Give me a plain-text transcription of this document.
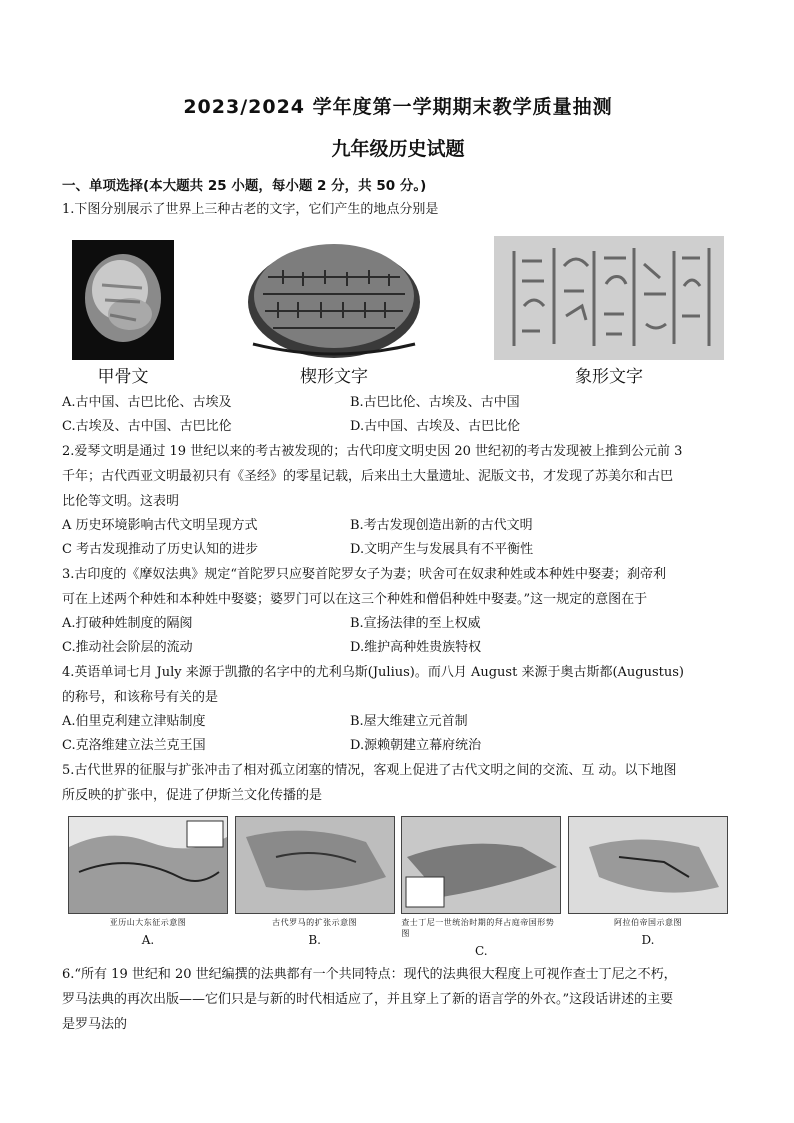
2023/2024 学年度第一学期期末教学质量抽测
九年级历史试题
一、单项选择(本大题共 25 小题，每小题 2 分，共 50 分。)

1.下图分别展示了世界上三种古老的文字，它们产生的地点分别是

甲骨文	楔形文字	象形文字
A.古中国、古巴比伦、古埃及	B.古巴比伦、古埃及、古中国
C.古埃及、古中国、古巴比伦	D.古中国、古埃及、古巴比伦

2.爱琴文明是通过 19 世纪以来的考古被发现的；古代印度文明史因 20 世纪初的考古发现被上推到公元前 3

千年；古代西亚文明最初只有《圣经》的零星记载，后来出土大量遗址、泥版文书，才发现了苏美尔和古巴

比伦等文明。这表明

A 历史环境影响古代文明呈现方式	B.考古发现创造出新的古代文明
C 考古发现推动了历史认知的进步	D.文明产生与发展具有不平衡性

3.古印度的《摩奴法典》规定“首陀罗只应娶首陀罗女子为妻；吠舍可在奴隶种姓或本种姓中娶妻；刹帝利

可在上述两个种姓和本种姓中娶婆；婆罗门可以在这三个种姓和僧侣种姓中娶妻。”这一规定的意图在于

A.打破种姓制度的隔阂	B.宣扬法律的至上权威
C.推动社会阶层的流动	D.维护高种姓贵族特权

4.英语单词七月 July 来源于凯撒的名字中的尤利乌斯(Julius)。而八月 August 来源于奥古斯都(Augustus)

的称号，和该称号有关的是

A.伯里克利建立津贴制度	B.屋大维建立元首制
C.克洛维建立法兰克王国	D.源赖朝建立幕府统治

5.古代世界的征服与扩张冲击了相对孤立闭塞的情况，客观上促进了古代文明之间的交流、互 动。以下地图

所反映的扩张中，促进了伊斯兰文化传播的是

亚历山大东征示意图
A.
古代罗马的扩张示意图
B.
查士丁尼一世统治时期的拜占庭帝国形势图
C.
阿拉伯帝国示意图
D.

6.“所有 19 世纪和 20 世纪编撰的法典都有一个共同特点：现代的法典很大程度上可视作查士丁尼之不朽，

罗马法典的再次出版——它们只是与新的时代相适应了，并且穿上了新的语言学的外衣。”这段话讲述的主要

是罗马法的
